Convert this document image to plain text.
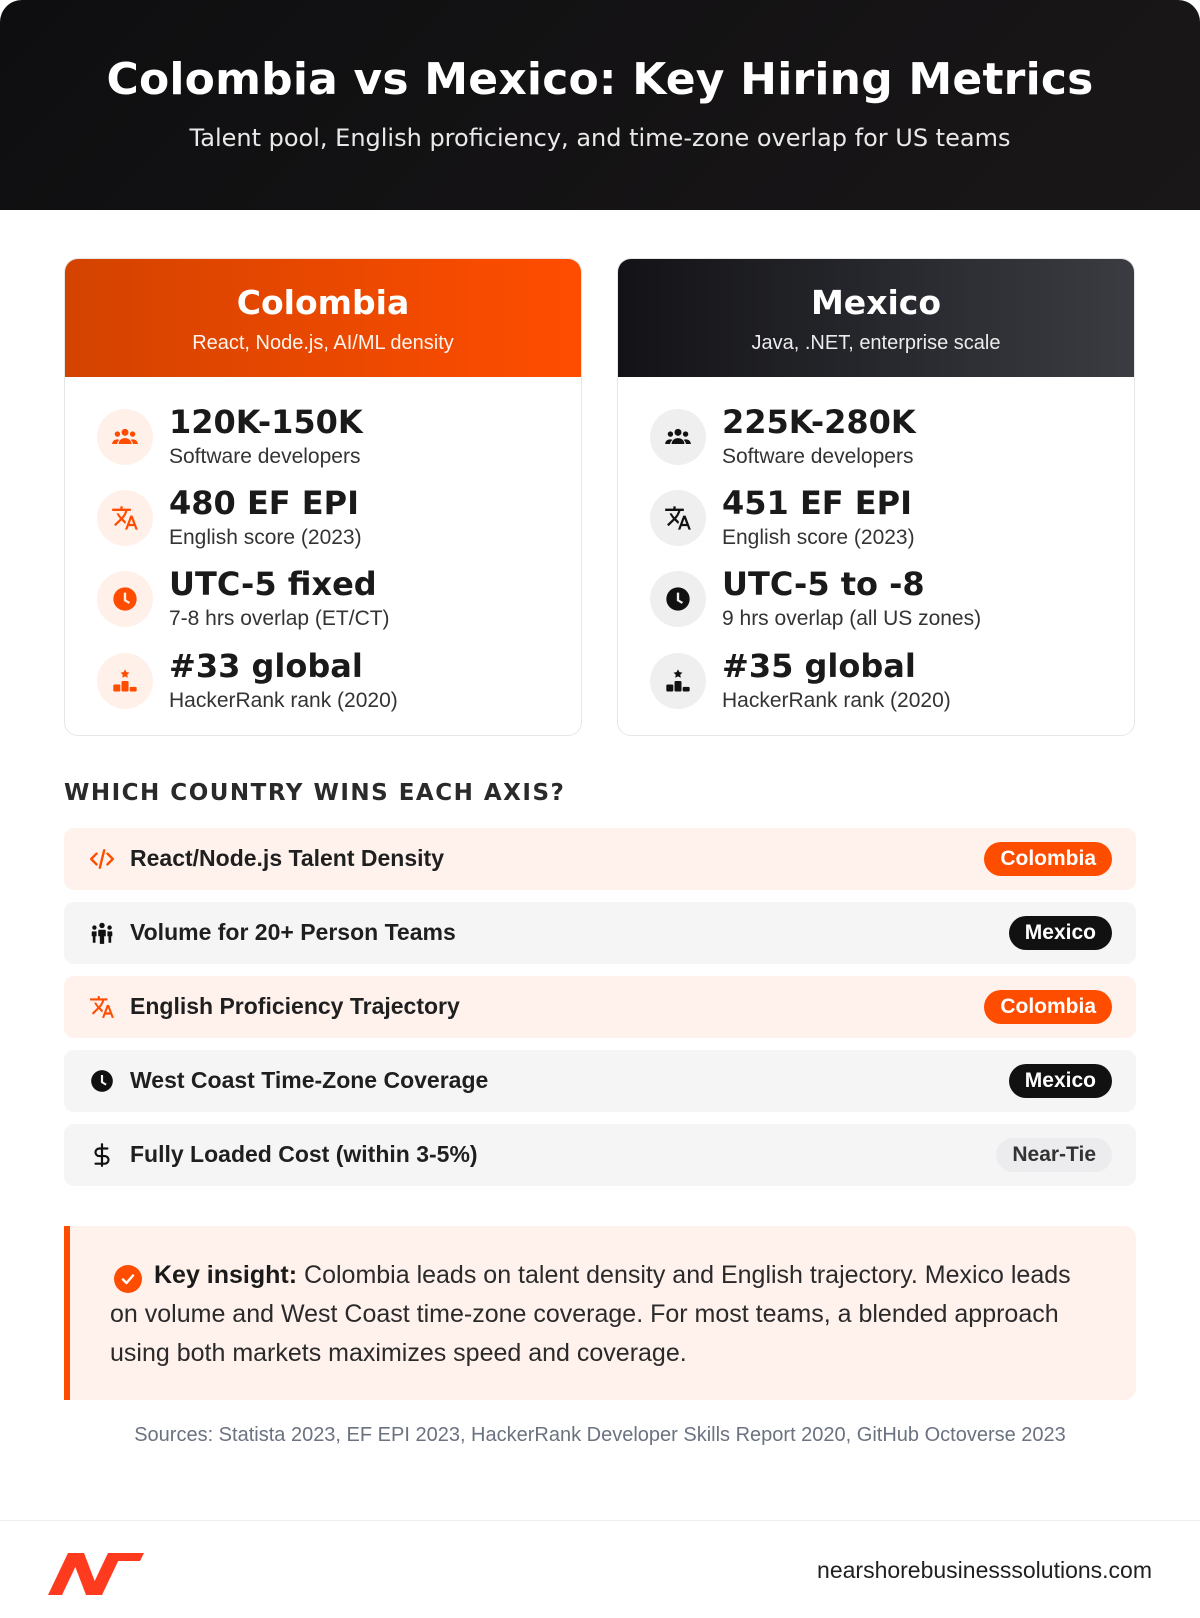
Colombia vs Mexico: Key Hiring Metrics

Talent pool, English proficiency, and time-zone overlap for US teams

Colombia
React, Node.js, AI/ML density
120K-150K
Software developers
480 EF EPI
English score (2023)
UTC-5 fixed
7-8 hrs overlap (ET/CT)
#33 global
HackerRank rank (2020)
Mexico
Java, .NET, enterprise scale
225K-280K
Software developers
451 EF EPI
English score (2023)
UTC-5 to -8
9 hrs overlap (all US zones)
#35 global
HackerRank rank (2020)
WHICH COUNTRY WINS EACH AXIS?
React/Node.js Talent Density	Colombia
Volume for 20+ Person Teams	Mexico
English Proficiency Trajectory	Colombia
West Coast Time-Zone Coverage	Mexico
Fully Loaded Cost (within 3-5%)	Near-Tie
Key insight: Colombia leads on talent density and English trajectory. Mexico leads on volume and West Coast time-zone coverage. For most teams, a blended approach using both markets maximizes speed and coverage.
Sources: Statista 2023, EF EPI 2023, HackerRank Developer Skills Report 2020, GitHub Octoverse 2023
nearshorebusinesssolutions.com
